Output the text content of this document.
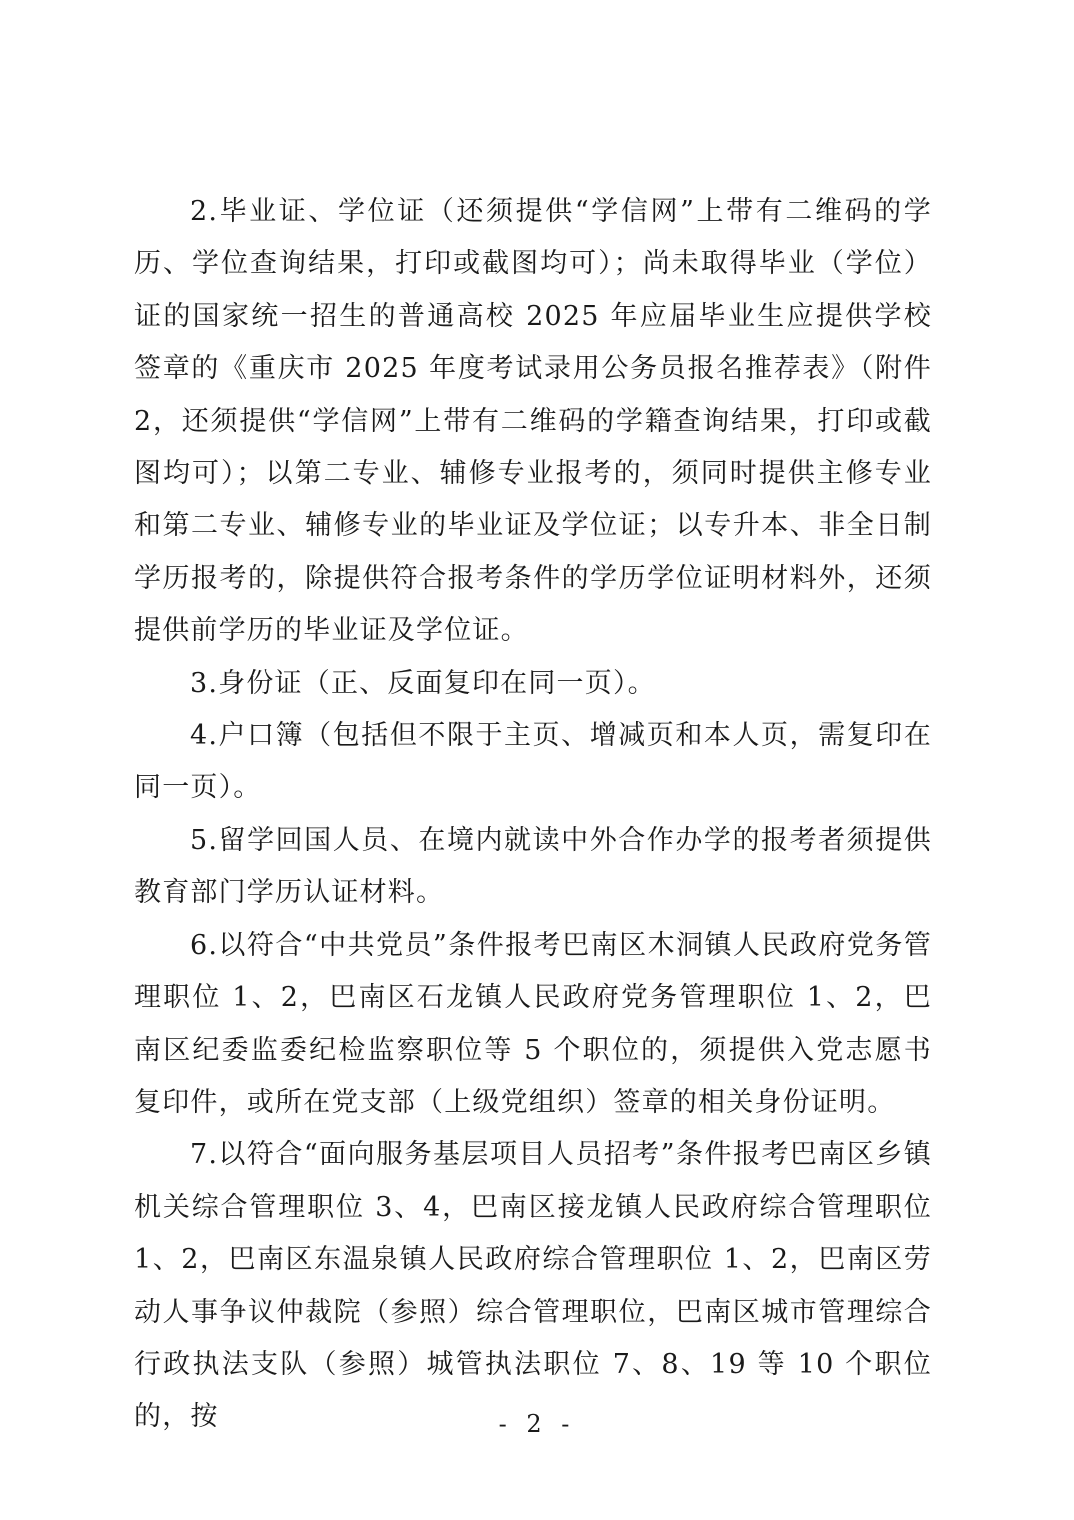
2.毕业证、学位证（还须提供“学信网”上带有二维码的学历、学位查询结果，打印或截图均可）；尚未取得毕业（学位）证的国家统一招生的普通高校 2025 年应届毕业生应提供学校签章的《重庆市 2025 年度考试录用公务员报名推荐表》（附件 2，还须提供“学信网”上带有二维码的学籍查询结果，打印或截图均可）；以第二专业、辅修专业报考的，须同时提供主修专业和第二专业、辅修专业的毕业证及学位证；以专升本、非全日制学历报考的，除提供符合报考条件的学历学位证明材料外，还须提供前学历的毕业证及学位证。

3.身份证（正、反面复印在同一页）。

4.户口簿（包括但不限于主页、增减页和本人页，需复印在同一页）。

5.留学回国人员、在境内就读中外合作办学的报考者须提供教育部门学历认证材料。

6.以符合“中共党员”条件报考巴南区木洞镇人民政府党务管理职位 1、2，巴南区石龙镇人民政府党务管理职位 1、2，巴南区纪委监委纪检监察职位等 5 个职位的，须提供入党志愿书复印件，或所在党支部（上级党组织）签章的相关身份证明。

7.以符合“面向服务基层项目人员招考”条件报考巴南区乡镇机关综合管理职位 3、4，巴南区接龙镇人民政府综合管理职位 1、2，巴南区东温泉镇人民政府综合管理职位 1、2，巴南区劳动人事争议仲裁院（参照）综合管理职位，巴南区城市管理综合行政执法支队（参照）城管执法职位 7、8、19 等 10 个职位的，按	- 2 -
